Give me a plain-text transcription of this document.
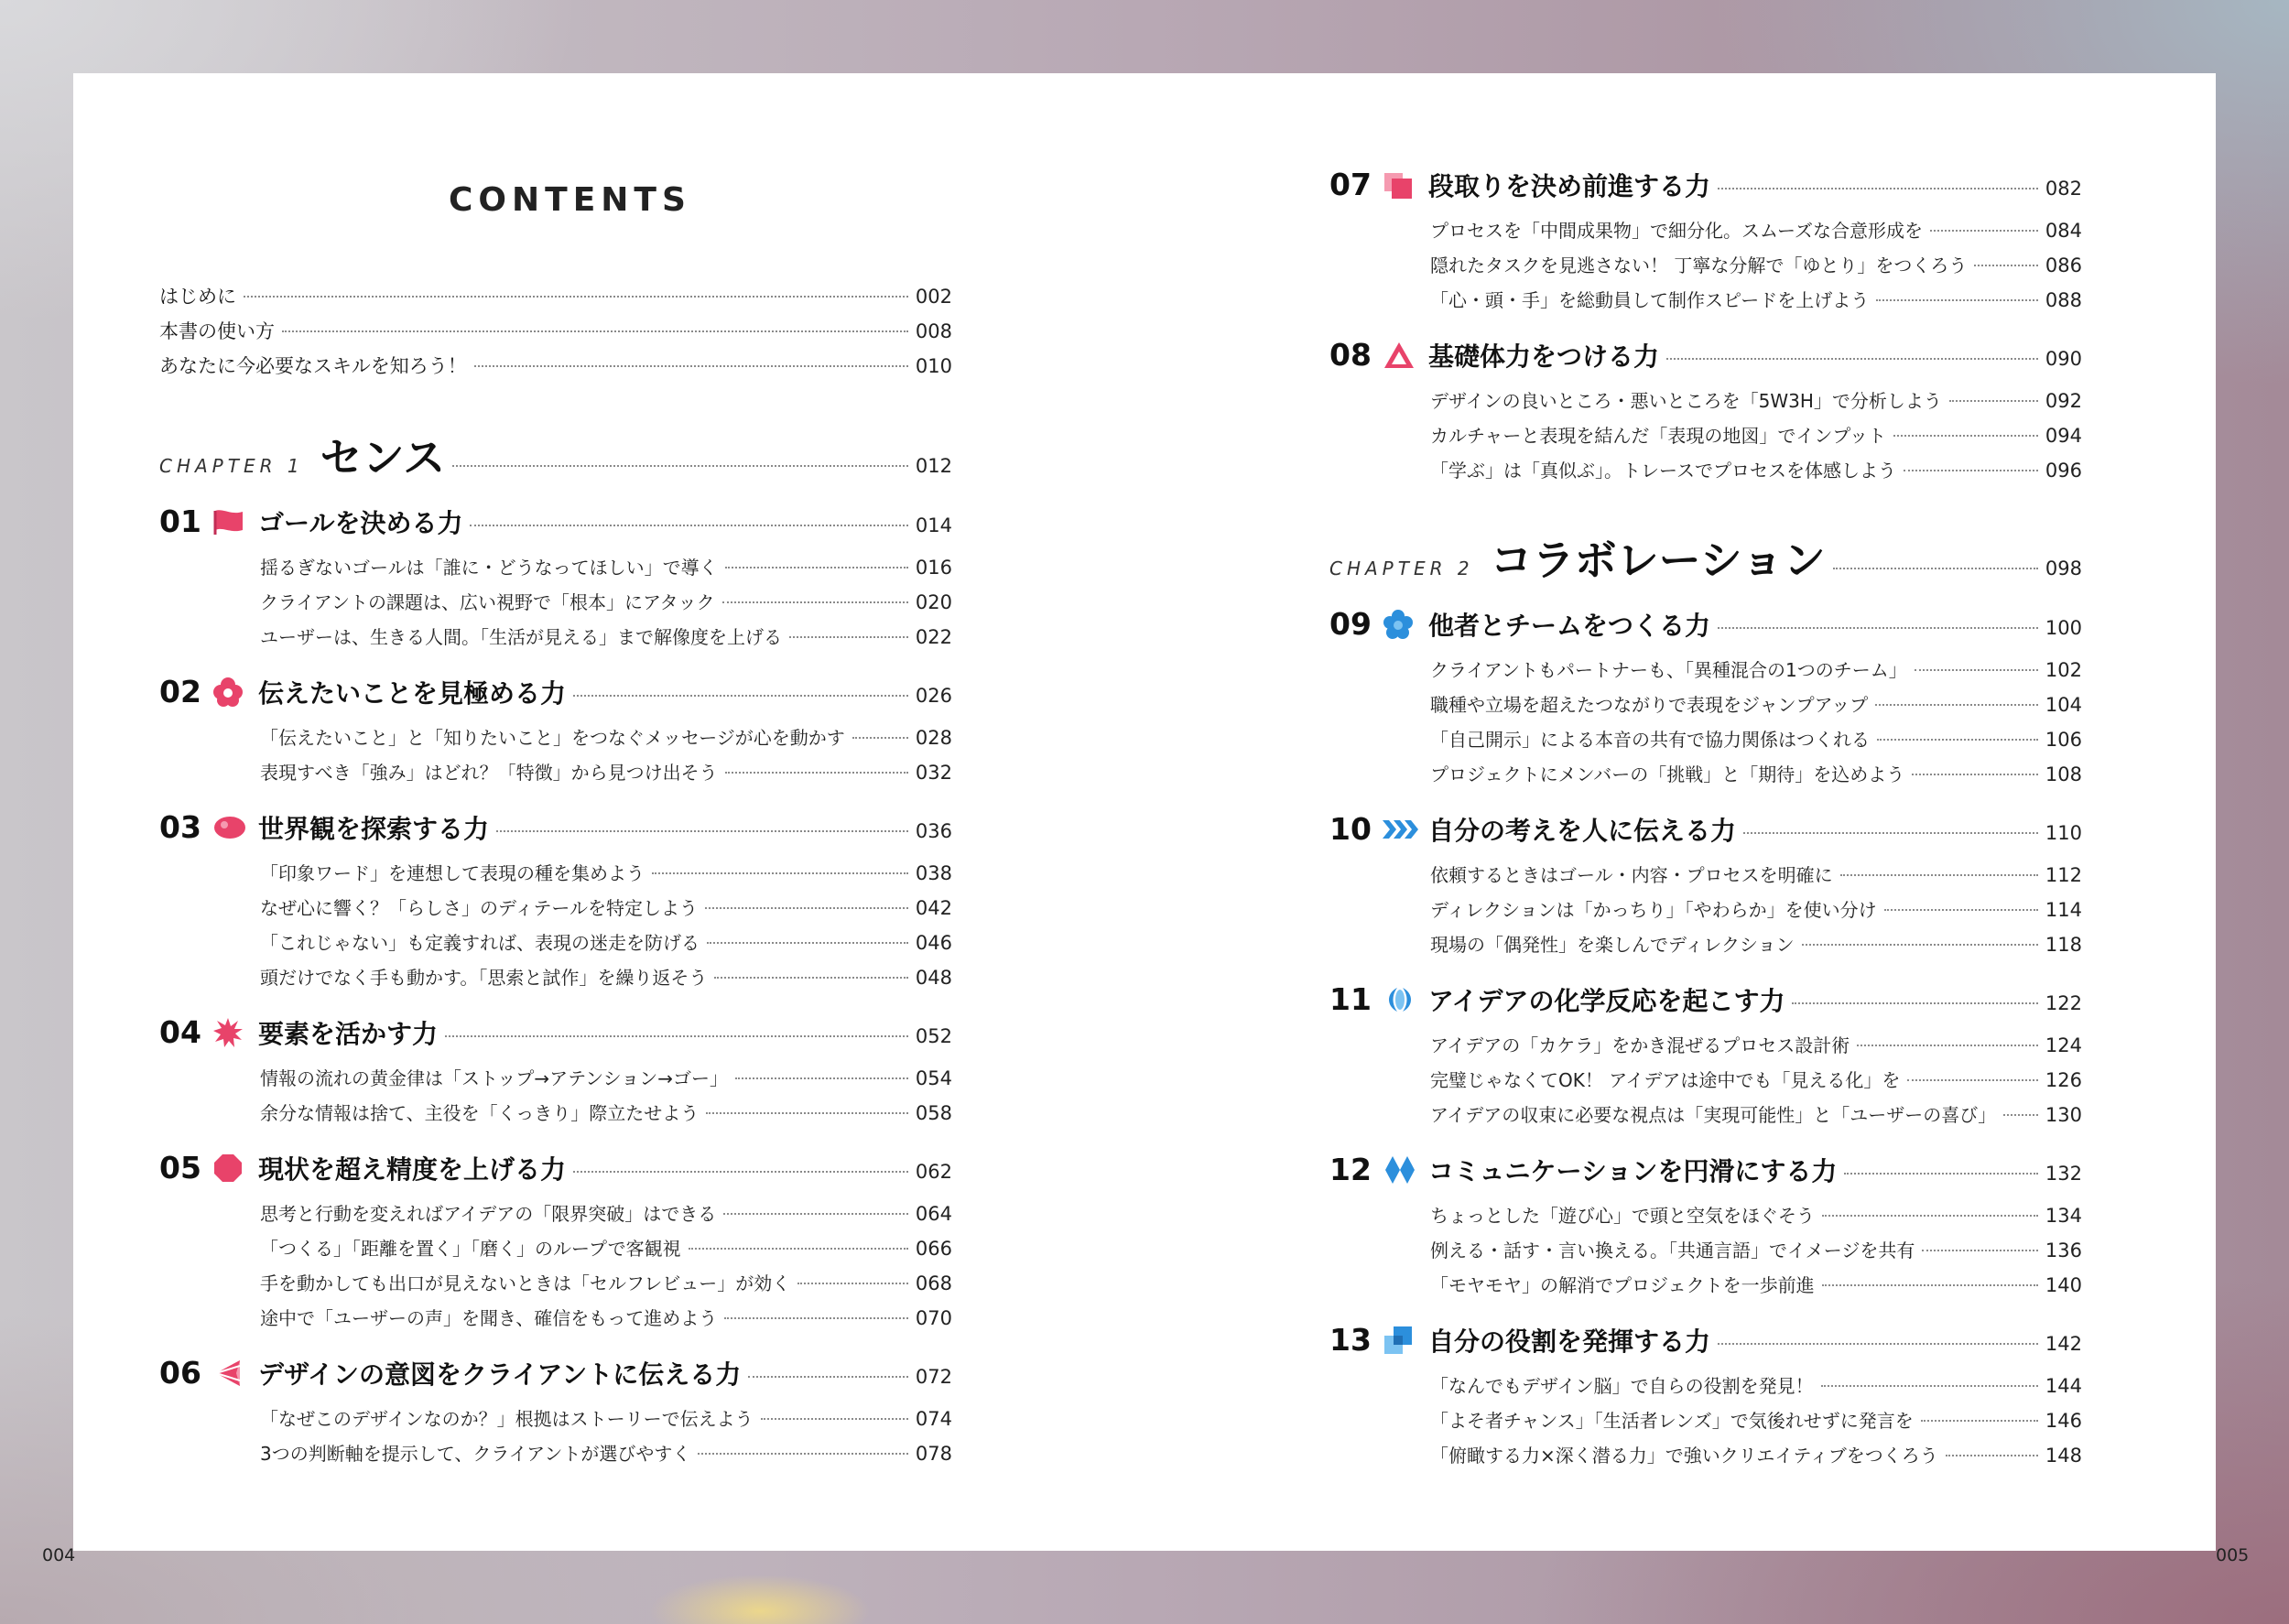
CONTENTS
はじめに	002
本書の使い方	008
あなたに今必要なスキルを知ろう！	010
CHAPTER 1 センス	012
01	ゴールを決める力	014
揺るぎないゴールは「誰に・どうなってほしい」で導く	016
クライアントの課題は、広い視野で「根本」にアタック	020
ユーザーは、生きる人間。「生活が見える」まで解像度を上げる	022
02	伝えたいことを見極める力	026
「伝えたいこと」と「知りたいこと」をつなぐメッセージが心を動かす	028
表現すべき「強み」はどれ？「特徴」から見つけ出そう	032
03	世界観を探索する力	036
「印象ワード」を連想して表現の種を集めよう	038
なぜ心に響く？「らしさ」のディテールを特定しよう	042
「これじゃない」も定義すれば、表現の迷走を防げる	046
頭だけでなく手も動かす。「思索と試作」を繰り返そう	048
04	要素を活かす力	052
情報の流れの黄金律は「ストップ→アテンション→ゴー」	054
余分な情報は捨て、主役を「くっきり」際立たせよう	058
05	現状を超え精度を上げる力	062
思考と行動を変えればアイデアの「限界突破」はできる	064
「つくる」「距離を置く」「磨く」のループで客観視	066
手を動かしても出口が見えないときは「セルフレビュー」が効く	068
途中で「ユーザーの声」を聞き、確信をもって進めよう	070
06	デザインの意図をクライアントに伝える力	072
「なぜこのデザインなのか？」根拠はストーリーで伝えよう	074
3つの判断軸を提示して、クライアントが選びやすく	078
07	段取りを決め前進する力	082
プロセスを「中間成果物」で細分化。スムーズな合意形成を	084
隠れたタスクを見逃さない！ 丁寧な分解で「ゆとり」をつくろう	086
「心・頭・手」を総動員して制作スピードを上げよう	088
08	基礎体力をつける力	090
デザインの良いところ・悪いところを「5W3H」で分析しよう	092
カルチャーと表現を結んだ「表現の地図」でインプット	094
「学ぶ」は「真似ぶ」。トレースでプロセスを体感しよう	096
CHAPTER 2 コラボレーション	098
09	他者とチームをつくる力	100
クライアントもパートナーも、「異種混合の1つのチーム」	102
職種や立場を超えたつながりで表現をジャンプアップ	104
「自己開示」による本音の共有で協力関係はつくれる	106
プロジェクトにメンバーの「挑戦」と「期待」を込めよう	108
10	自分の考えを人に伝える力	110
依頼するときはゴール・内容・プロセスを明確に	112
ディレクションは「かっちり」「やわらか」を使い分け	114
現場の「偶発性」を楽しんでディレクション	118
11	アイデアの化学反応を起こす力	122
アイデアの「カケラ」をかき混ぜるプロセス設計術	124
完璧じゃなくてOK！ アイデアは途中でも「見える化」を	126
アイデアの収束に必要な視点は「実現可能性」と「ユーザーの喜び」	130
12	コミュニケーションを円滑にする力	132
ちょっとした「遊び心」で頭と空気をほぐそう	134
例える・話す・言い換える。「共通言語」でイメージを共有	136
「モヤモヤ」の解消でプロジェクトを一歩前進	140
13	自分の役割を発揮する力	142
「なんでもデザイン脳」で自らの役割を発見！	144
「よそ者チャンス」「生活者レンズ」で気後れせずに発言を	146
「俯瞰する力×深く潜る力」で強いクリエイティブをつくろう	148
004	005
